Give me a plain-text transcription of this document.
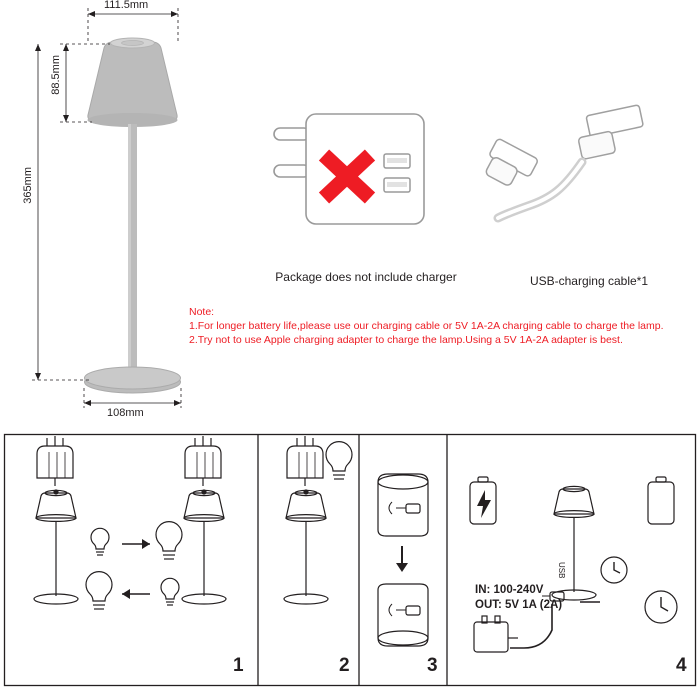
111.5mm
88.5mm
365mm
108mm
Package does not include charger	USB-charging cable*1
Note:
1.For longer battery life,please use our charging cable or 5V 1A-2A charging cable to charge the lamp.
2.Try not to use Apple charging adapter to charge the lamp.Using a 5V 1A-2A adapter is best.
IN: 100-240V
OUT: 5V 1A (2A)
USB
1	2	3	4
